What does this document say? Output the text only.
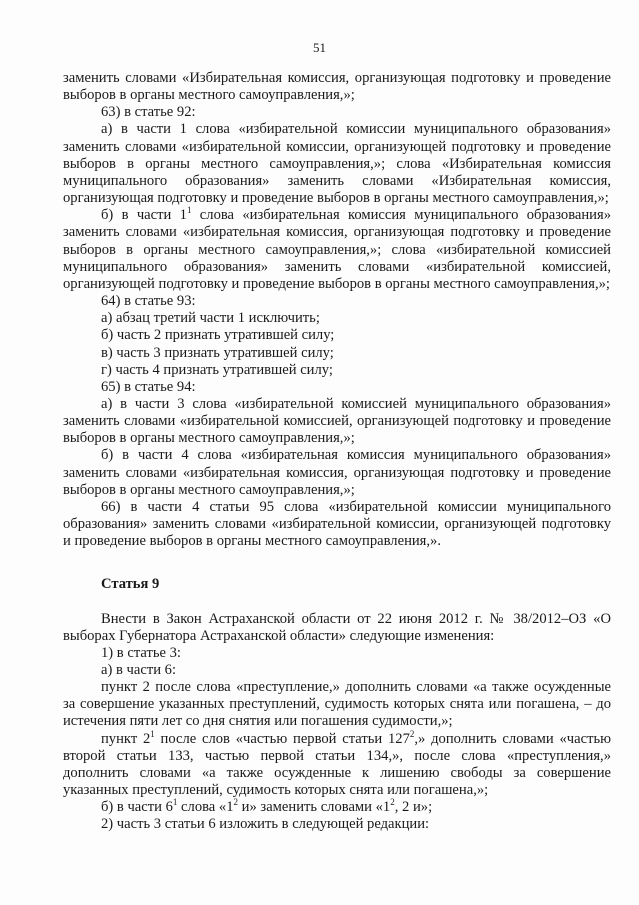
51

заменить словами «Избирательная комиссия, организующая подготовку и проведение выборов в органы местного самоуправления,»;

63) в статье 92:

а) в части 1 слова «избирательной комиссии муниципального образования» заменить словами «избирательной комиссии, организующей подготовку и проведение выборов в органы местного самоуправления,»; слова «Избирательная комиссия муниципального образования» заменить словами «Избирательная комиссия, организующая подготовку и проведение выборов в органы местного самоуправления,»;

б) в части $1^1$ слова «избирательная комиссия муниципального образования» заменить словами «избирательная комиссия, организующая подготовку и проведение выборов в органы местного самоуправления,»; слова «избирательной комиссией муниципального образования» заменить словами «избирательной комиссией, организующей подготовку и проведение выборов в органы местного самоуправления,»;

64) в статье 93:

а) абзац третий части 1 исключить;

б) часть 2 признать утратившей силу;

в) часть 3 признать утратившей силу;

г) часть 4 признать утратившей силу;

65) в статье 94:

а) в части 3 слова «избирательной комиссией муниципального образования» заменить словами «избирательной комиссией, организующей подготовку и проведение выборов в органы местного самоуправления,»;

б) в части 4 слова «избирательная комиссия муниципального образования» заменить словами «избирательная комиссия, организующая подготовку и проведение выборов в органы местного самоуправления,»;

66) в части 4 статьи 95 слова «избирательной комиссии муниципального образования» заменить словами «избирательной комиссии, организующей подготовку и проведение выборов в органы местного самоуправления,».

Статья 9

Внести в Закон Астраханской области от 22 июня 2012 г. № 38/2012–ОЗ «О выборах Губернатора Астраханской области» следующие изменения:

1) в статье 3:

а) в части 6:

пункт 2 после слова «преступление,» дополнить словами «а также осужденные за совершение указанных преступлений, судимость которых снята или погашена, – до истечения пяти лет со дня снятия или погашения судимости,»;

пункт $2^1$ после слов «частью первой статьи $127^2$,» дополнить словами «частью второй статьи 133, частью первой статьи 134,», после слова «преступления,» дополнить словами «а также осужденные к лишению свободы за совершение указанных преступлений, судимость которых снята или погашена,»;

б) в части $6^1$ слова «$1^2$ и» заменить словами «$1^2$, 2 и»;

2) часть 3 статьи 6 изложить в следующей редакции:
